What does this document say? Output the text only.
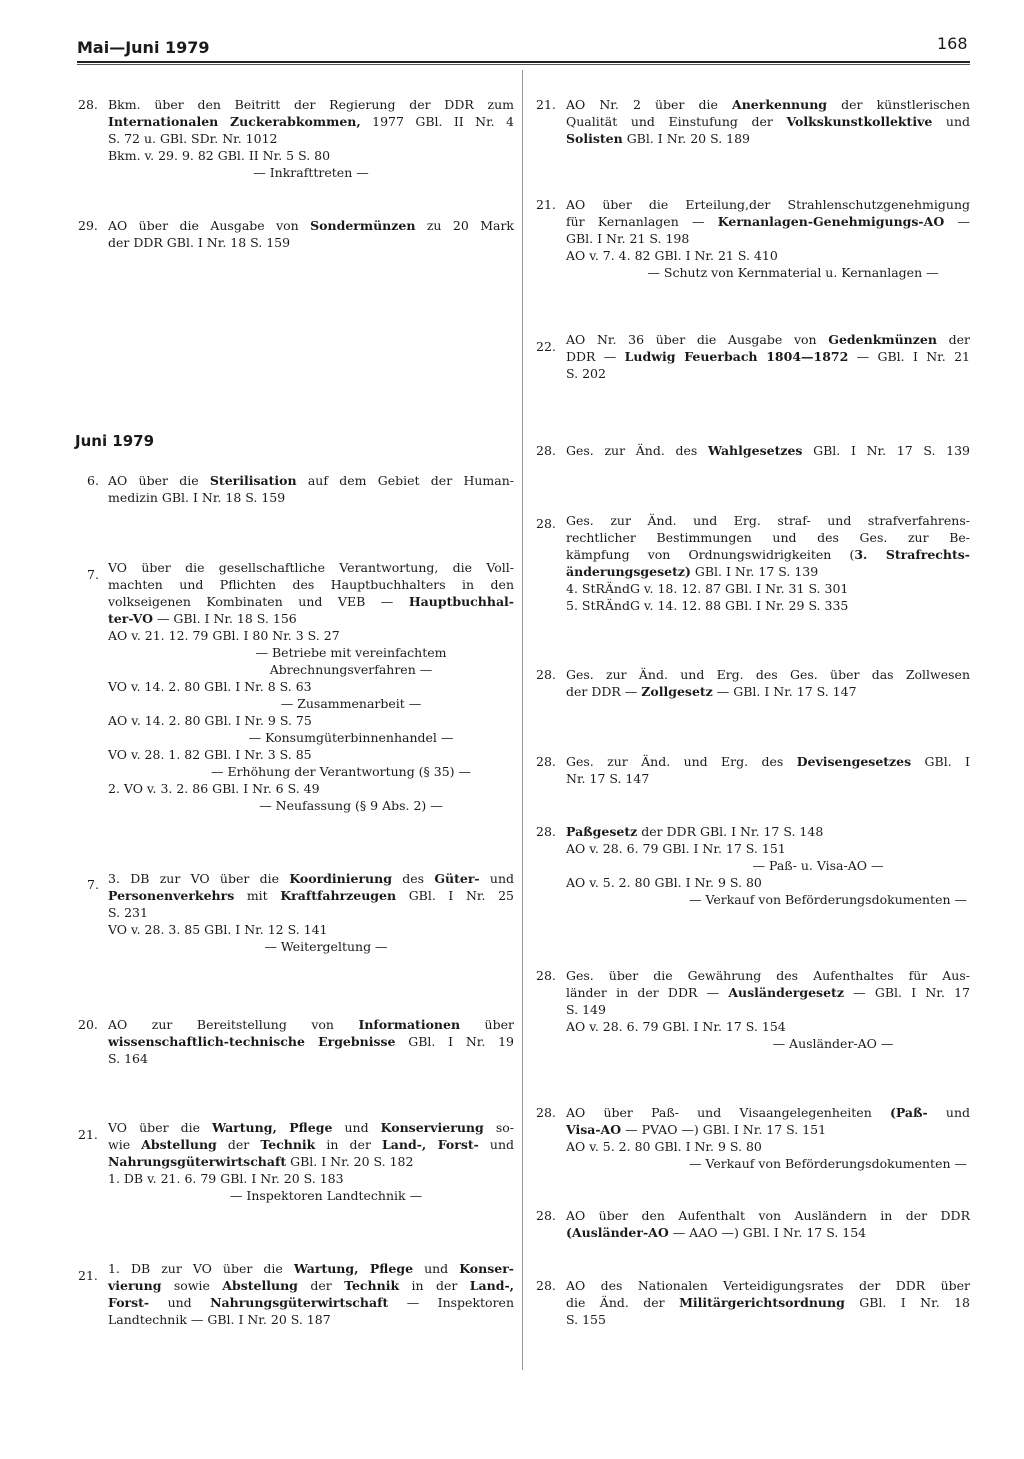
Mai—Juni 1979	168
28. Bkm. über den Beitritt der Regierung der DDR zum
Internationalen Zuckerabkommen, 1977 GBl. II Nr. 4
S. 72 u. GBl. SDr. Nr. 1012
Bkm. v. 29. 9. 82 GBl. II Nr. 5 S. 80
— Inkrafttreten —
29. AO über die Ausgabe von Sondermünzen zu 20 Mark
der DDR GBl. I Nr. 18 S. 159
Juni 1979
6. AO über die Sterilisation auf dem Gebiet der Human-
medizin GBl. I Nr. 18 S. 159
7. VO über die gesellschaftliche Verantwortung, die Voll-
machten und Pflichten des Hauptbuchhalters in den
volkseigenen Kombinaten und VEB — Hauptbuchhal-
ter-VO — GBl. I Nr. 18 S. 156
AO v. 21. 12. 79 GBl. I 80 Nr. 3 S. 27
— Betriebe mit vereinfachtem
Abrechnungsverfahren —
VO v. 14. 2. 80 GBl. I Nr. 8 S. 63
— Zusammenarbeit —
AO v. 14. 2. 80 GBl. I Nr. 9 S. 75
— Konsumgüterbinnenhandel —
VO v. 28. 1. 82 GBl. I Nr. 3 S. 85
— Erhöhung der Verantwortung (§ 35) —
2. VO v. 3. 2. 86 GBl. I Nr. 6 S. 49
— Neufassung (§ 9 Abs. 2) —
7. 3. DB zur VO über die Koordinierung des Güter- und
Personenverkehrs mit Kraftfahrzeugen GBl. I Nr. 25
S. 231
VO v. 28. 3. 85 GBl. I Nr. 12 S. 141
— Weitergeltung —
20. AO zur Bereitstellung von Informationen über
wissenschaftlich-technische Ergebnisse GBl. I Nr. 19
S. 164
21. VO über die Wartung, Pflege und Konservierung so-
wie Abstellung der Technik in der Land-, Forst- und
Nahrungsgüterwirtschaft GBl. I Nr. 20 S. 182
1. DB v. 21. 6. 79 GBl. I Nr. 20 S. 183
— Inspektoren Landtechnik —
21. 1. DB zur VO über die Wartung, Pflege und Konser-
vierung sowie Abstellung der Technik in der Land-,
Forst- und Nahrungsgüterwirtschaft — Inspektoren
Landtechnik — GBl. I Nr. 20 S. 187
21. AO Nr. 2 über die Anerkennung der künstlerischen
Qualität und Einstufung der Volkskunstkollektive und
Solisten GBl. I Nr. 20 S. 189
21. AO über die Erteilung,der Strahlenschutzgenehmigung
für Kernanlagen — Kernanlagen-Genehmigungs-AO —
GBl. I Nr. 21 S. 198
AO v. 7. 4. 82 GBl. I Nr. 21 S. 410
— Schutz von Kernmaterial u. Kernanlagen —
22. AO Nr. 36 über die Ausgabe von Gedenkmünzen der
DDR — Ludwig Feuerbach 1804—1872 — GBl. I Nr. 21
S. 202
28. Ges. zur Änd. des Wahlgesetzes GBl. I Nr. 17 S. 139
28. Ges. zur Änd. und Erg. straf- und strafverfahrens-
rechtlicher Bestimmungen und des Ges. zur Be-
kämpfung von Ordnungswidrigkeiten (3. Strafrechts-
änderungsgesetz) GBl. I Nr. 17 S. 139
4. StRÄndG v. 18. 12. 87 GBl. I Nr. 31 S. 301
5. StRÄndG v. 14. 12. 88 GBl. I Nr. 29 S. 335
28. Ges. zur Änd. und Erg. des Ges. über das Zollwesen
der DDR — Zollgesetz — GBl. I Nr. 17 S. 147
28. Ges. zur Änd. und Erg. des Devisengesetzes GBl. I
Nr. 17 S. 147
28. Paßgesetz der DDR GBl. I Nr. 17 S. 148
AO v. 28. 6. 79 GBl. I Nr. 17 S. 151
— Paß- u. Visa-AO —
AO v. 5. 2. 80 GBl. I Nr. 9 S. 80
— Verkauf von Beförderungsdokumenten —
28. Ges. über die Gewährung des Aufenthaltes für Aus-
länder in der DDR — Ausländergesetz — GBl. I Nr. 17
S. 149
AO v. 28. 6. 79 GBl. I Nr. 17 S. 154
— Ausländer-AO —
28. AO über Paß- und Visaangelegenheiten (Paß- und
Visa-AO — PVAO —) GBl. I Nr. 17 S. 151
AO v. 5. 2. 80 GBl. I Nr. 9 S. 80
— Verkauf von Beförderungsdokumenten —
28. AO über den Aufenthalt von Ausländern in der DDR
(Ausländer-AO — AAO —) GBl. I Nr. 17 S. 154
28. AO des Nationalen Verteidigungsrates der DDR über
die Änd. der Militärgerichtsordnung GBl. I Nr. 18
S. 155
